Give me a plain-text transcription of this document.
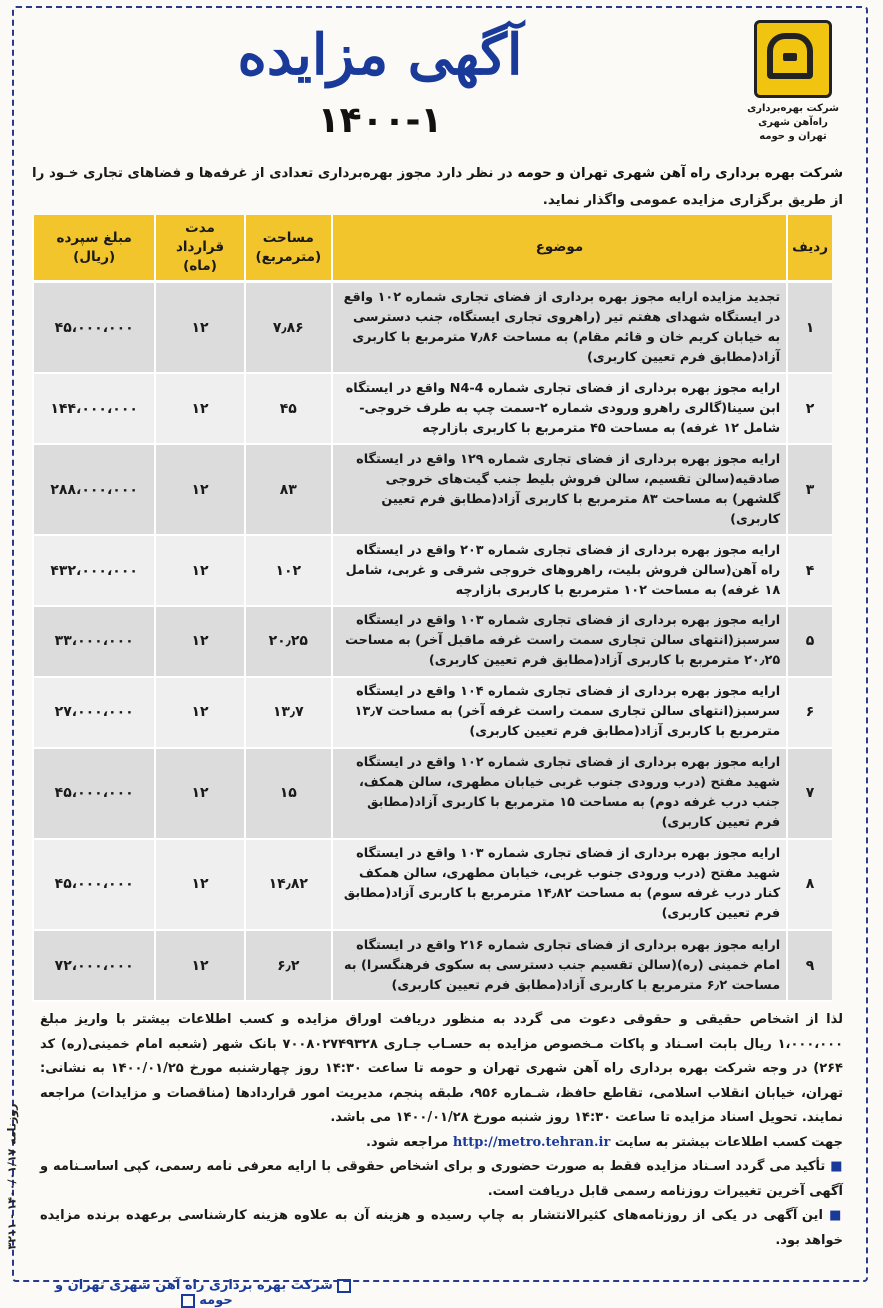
شرکت بهره‌برداری
راه‌آهن شهری تهران و حومه
آگهی مزایده
۱۴۰۰-۱
شرکت بهره برداری راه آهن شهری تهران و حومه در نظر دارد مجوز بهره‌برداری تعدادی از غرفه‌ها و فضاهای تجاری خـود را از طریق برگزاری مزایده عمومی واگذار نماید.
ردیف	موضوع	مساحت (مترمربع)	مدت قرارداد (ماه)	مبلغ سپرده (ریال)
۱	تجدید مزایده ارایه مجوز بهره برداری از فضای تجاری شماره ۱۰۲ واقع در ایستگاه شهدای هفتم تیر (راهروی تجاری ایستگاه، جنب دسترسی به خیابان کریم خان و قائم مقام) به مساحت ۷٫۸۶ مترمربع با کاربری آزاد(مطابق فرم تعیین کاربری)	۷٫۸۶	۱۲	۴۵،۰۰۰،۰۰۰
۲	ارایه مجوز بهره برداری از فضای تجاری شماره N4-4 واقع در ایستگاه ابن سینا(گالری راهرو ورودی شماره ۲-سمت چپ به طرف خروجی- شامل ۱۲ غرفه) به مساحت ۴۵ مترمربع با کاربری بازارچه	۴۵	۱۲	۱۴۴،۰۰۰،۰۰۰
۳	ارایه مجوز بهره برداری از فضای تجاری شماره ۱۲۹ واقع در ایستگاه صادقیه(سالن تقسیم، سالن فروش بلیط جنب گیت‌های خروجی گلشهر) به مساحت ۸۳ مترمربع با کاربری آزاد(مطابق فرم تعیین کاربری)	۸۳	۱۲	۲۸۸،۰۰۰،۰۰۰
۴	ارایه مجوز بهره برداری از فضای تجاری شماره ۲۰۳ واقع در ایستگاه راه آهن(سالن فروش بلیت، راهروهای خروجی شرقی و غربی، شامل ۱۸ غرفه) به مساحت ۱۰۲ مترمربع با کاربری بازارچه	۱۰۲	۱۲	۴۳۲،۰۰۰،۰۰۰
۵	ارایه مجوز بهره برداری از فضای تجاری شماره ۱۰۳ واقع در ایستگاه سرسبز(انتهای سالن تجاری سمت راست غرفه ماقبل آخر) به مساحت ۲۰٫۲۵ مترمربع با کاربری آزاد(مطابق فرم تعیین کاربری)	۲۰٫۲۵	۱۲	۳۳،۰۰۰،۰۰۰
۶	ارایه مجوز بهره برداری از فضای تجاری شماره ۱۰۴ واقع در ایستگاه سرسبز(انتهای سالن تجاری سمت راست غرفه آخر) به مساحت ۱۳٫۷ مترمربع با کاربری آزاد(مطابق فرم تعیین کاربری)	۱۳٫۷	۱۲	۲۷،۰۰۰،۰۰۰
۷	ارایه مجوز بهره برداری از فضای تجاری شماره ۱۰۲ واقع در ایستگاه شهید مفتح (درب ورودی جنوب غربی خیابان مطهری، سالن همکف، جنب درب غرفه دوم) به مساحت ۱۵ مترمربع با کاربری آزاد(مطابق فرم تعیین کاربری)	۱۵	۱۲	۴۵،۰۰۰،۰۰۰
۸	ارایه مجوز بهره برداری از فضای تجاری شماره ۱۰۳ واقع در ایستگاه شهید مفتح (درب ورودی جنوب غربی، خیابان مطهری، سالن همکف کنار درب غرفه سوم) به مساحت ۱۴٫۸۲ مترمربع با کاربری آزاد(مطابق فرم تعیین کاربری)	۱۴٫۸۲	۱۲	۴۵،۰۰۰،۰۰۰
۹	ارایه مجوز بهره برداری از فضای تجاری شماره ۲۱۶ واقع در ایستگاه امام خمینی (ره)(سالن تقسیم جنب دسترسی به سکوی فرهنگسرا) به مساحت ۶٫۲ مترمربع با کاربری آزاد(مطابق فرم تعیین کاربری)	۶٫۲	۱۲	۷۲،۰۰۰،۰۰۰

لذا از اشخاص حقیقی و حقوقی دعوت می گردد به منظور دریافت اوراق مزایده و کسب اطلاعات بیشتر با واریز مبلغ ۱،۰۰۰،۰۰۰ ریال بابت اسـناد و پاکات مـخصوص مزایده به حسـاب جـاری ۷۰۰۸۰۲۷۴۹۳۲۸ بانک شهر (شعبه امام خمینی(ره) کد ۲۶۴) در وجه شرکت بهره برداری راه آهن شهری تهران و حومه تا ساعت ۱۴:۳۰ روز چهارشنبه مورخ ۱۴۰۰/۰۱/۲۵ به نشانی: تهران، خیابان انقلاب اسلامی، تقاطع حافظ، شـماره ۹۵۶، طبقه پنجم، مدیریت امور قراردادها (مناقصات و مزایدات) مراجعه نمایند. تحویل اسناد مزایده تا ساعت ۱۴:۳۰ روز شنبه مورخ ۱۴۰۰/۰۱/۲۸ می باشد.

جهت کسب اطلاعات بیشتر به سایت http://metro.tehran.ir مراجعه شود.

■ تأکید می گردد اسـناد مزایده فقط به صورت حضوری و برای اشخاص حقوقی با ارایه معرفی نامه رسمی، کپی اساسـنامه و آگهی آخرین تغییرات روزنامه رسمی قابل دریافت است.

■ این آگهی در یکی از روزنامه‌های کثیرالانتشار به چاپ رسیده و هزینه آن به علاوه هزینه کارشناسی برعهده برنده مزایده خواهد بود.

روزنامه ۱۴۰۰/۰۱/۱۷ - ۳۲۱۱
شرکت بهره برداری راه آهن شهری تهران و حومه
